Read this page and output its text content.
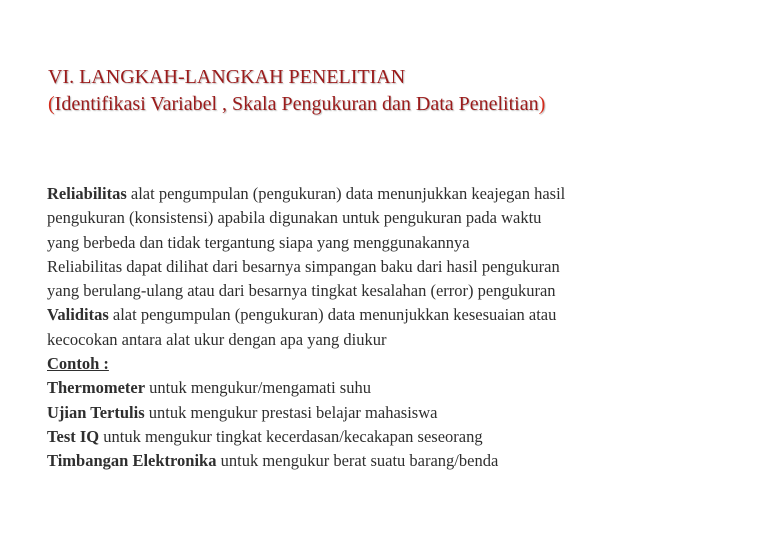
VI. LANGKAH-LANGKAH PENELITIAN
(Identifikasi Variabel , Skala Pengukuran dan Data Penelitian)
Reliabilitas alat pengumpulan (pengukuran) data menunjukkan keajegan hasil
pengukuran (konsistensi) apabila digunakan untuk pengukuran pada waktu
yang berbeda dan tidak tergantung siapa yang menggunakannya
Reliabilitas dapat dilihat dari besarnya simpangan baku dari hasil pengukuran
yang berulang-ulang atau dari besarnya tingkat kesalahan (error) pengukuran
Validitas alat pengumpulan (pengukuran) data menunjukkan kesesuaian atau
kecocokan antara alat ukur dengan apa yang diukur
Contoh :
Thermometer untuk mengukur/mengamati suhu
Ujian Tertulis untuk mengukur prestasi belajar mahasiswa
Test IQ untuk mengukur tingkat kecerdasan/kecakapan seseorang
Timbangan Elektronika untuk mengukur berat suatu barang/benda
